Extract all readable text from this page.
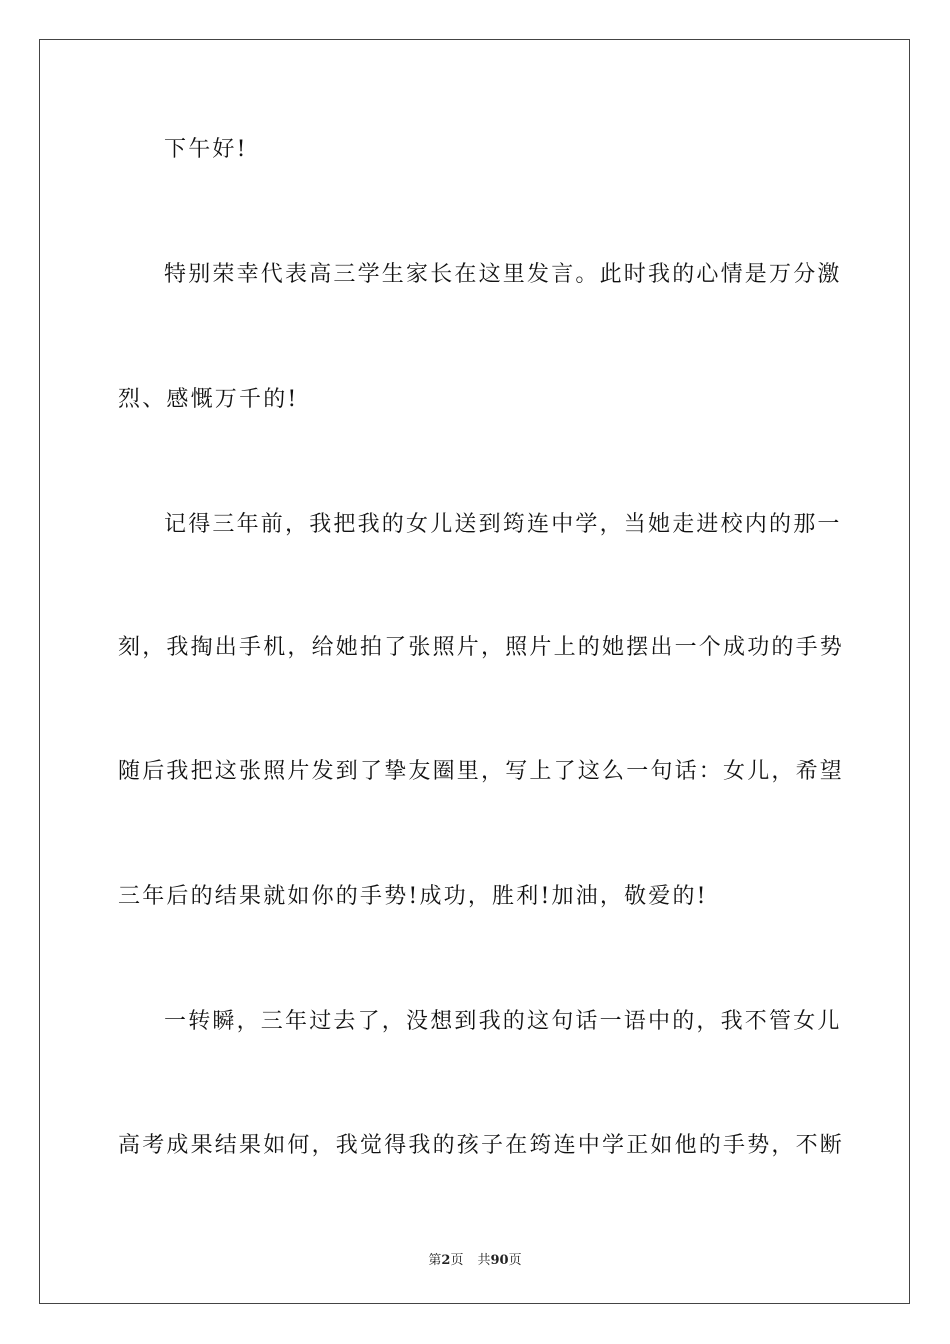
下午好!
特别荣幸代表高三学生家长在这里发言。此时我的心情是万分激
烈、感慨万千的!
记得三年前，我把我的女儿送到筠连中学，当她走进校内的那一
刻，我掏出手机，给她拍了张照片，照片上的她摆出一个成功的手势
随后我把这张照片发到了挚友圈里，写上了这么一句话：女儿，希望
三年后的结果就如你的手势!成功，胜利!加油，敬爱的!
一转瞬，三年过去了，没想到我的这句话一语中的，我不管女儿
高考成果结果如何，我觉得我的孩子在筠连中学正如他的手势，不断
第2页 共90页
